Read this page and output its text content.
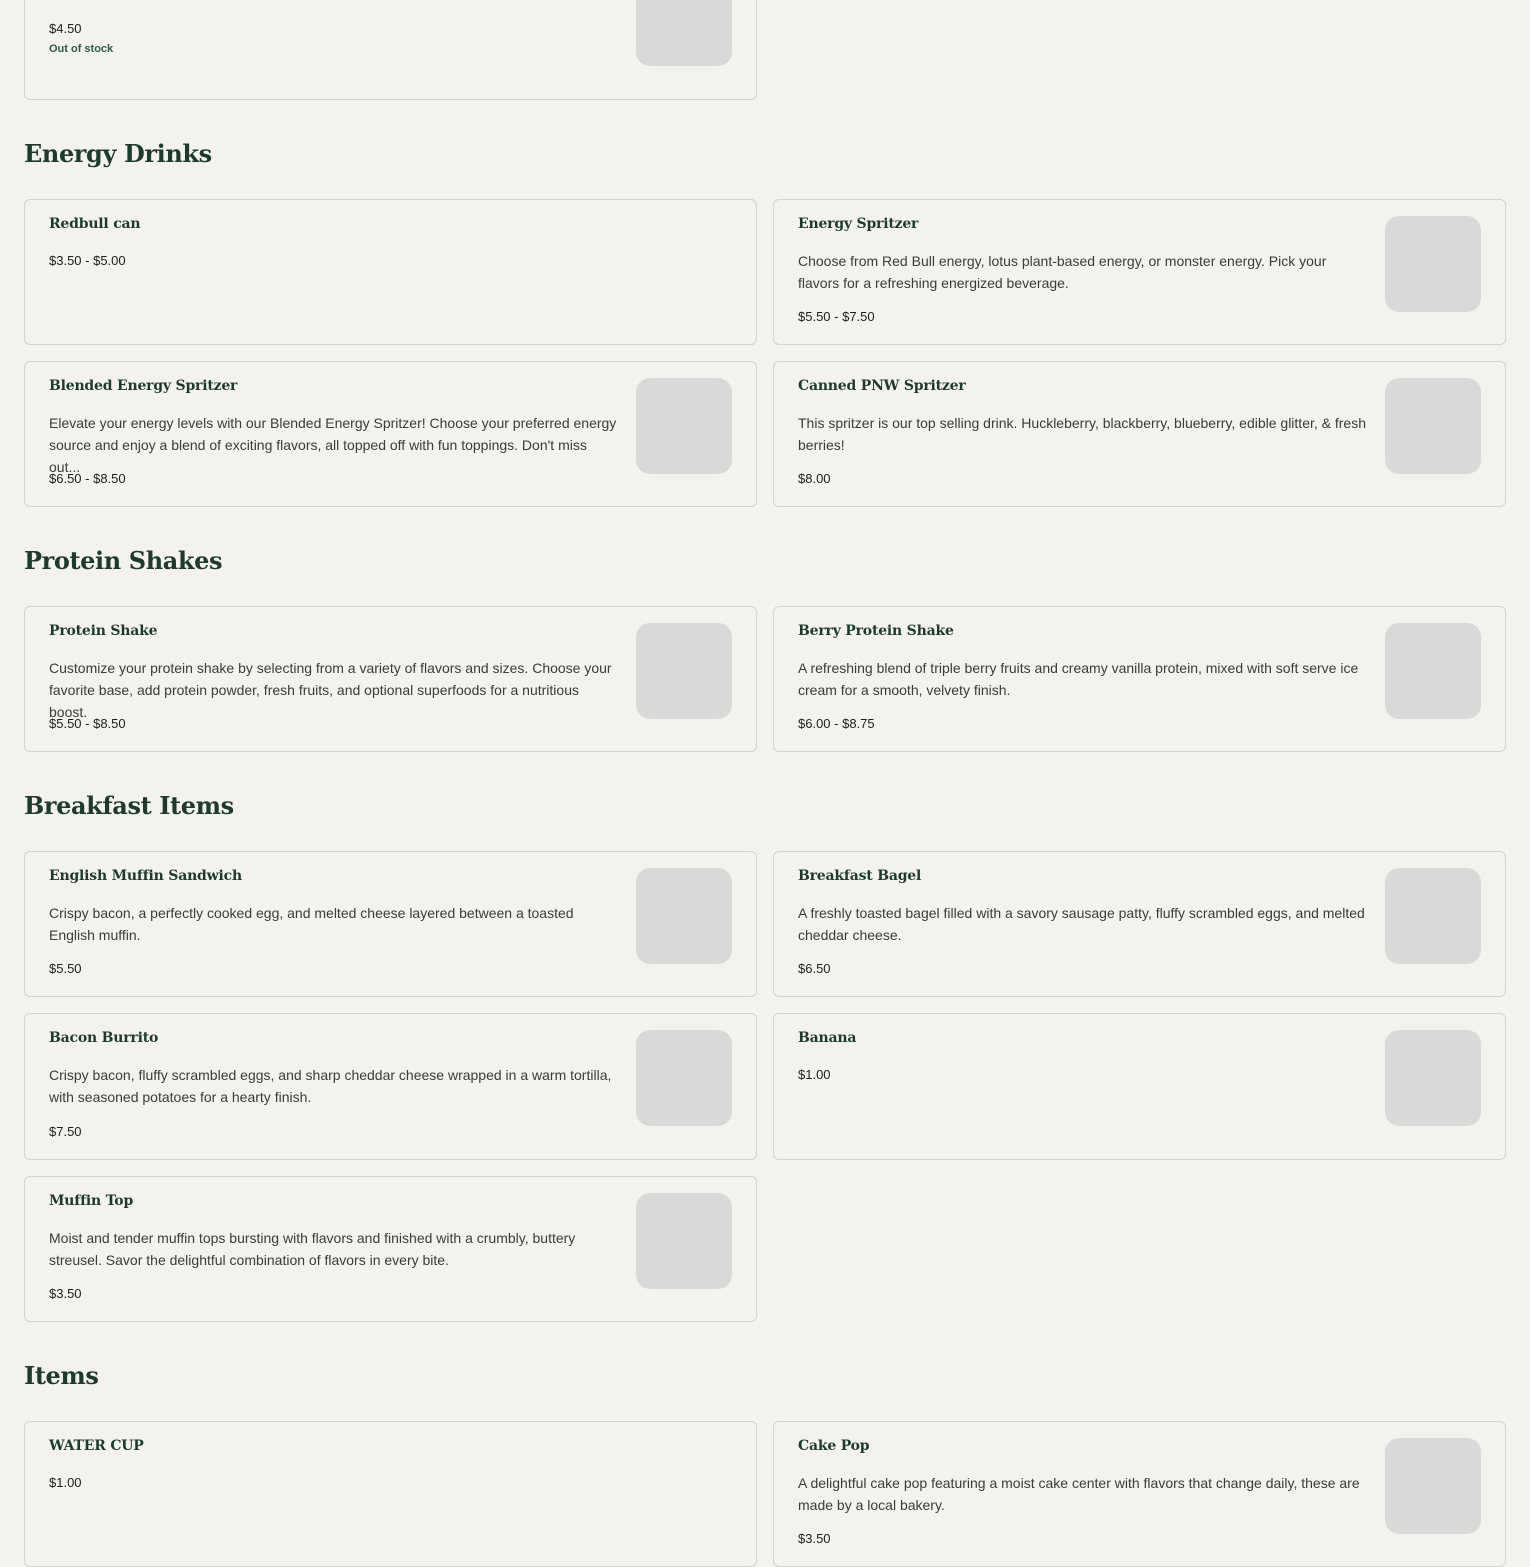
$4.50
Out of stock
Energy Drinks
Redbull can
$3.50 - $5.00
Energy Spritzer
Choose from Red Bull energy, lotus plant-based energy, or monster energy. Pick your flavors for a refreshing energized beverage.
$5.50 - $7.50
Blended Energy Spritzer
Elevate your energy levels with our Blended Energy Spritzer! Choose your preferred energy source and enjoy a blend of exciting flavors, all topped off with fun toppings. Don't miss out...
$6.50 - $8.50
Canned PNW Spritzer
This spritzer is our top selling drink. Huckleberry, blackberry, blueberry, edible glitter, & fresh berries!
$8.00
Protein Shakes
Protein Shake
Customize your protein shake by selecting from a variety of flavors and sizes. Choose your favorite base, add protein powder, fresh fruits, and optional superfoods for a nutritious boost.
$5.50 - $8.50
Berry Protein Shake
A refreshing blend of triple berry fruits and creamy vanilla protein, mixed with soft serve ice cream for a smooth, velvety finish.
$6.00 - $8.75
Breakfast Items
English Muffin Sandwich
Crispy bacon, a perfectly cooked egg, and melted cheese layered between a toasted English muffin.
$5.50
Breakfast Bagel
A freshly toasted bagel filled with a savory sausage patty, fluffy scrambled eggs, and melted cheddar cheese.
$6.50
Bacon Burrito
Crispy bacon, fluffy scrambled eggs, and sharp cheddar cheese wrapped in a warm tortilla, with seasoned potatoes for a hearty finish.
$7.50
Banana
$1.00
Muffin Top
Moist and tender muffin tops bursting with flavors and finished with a crumbly, buttery streusel. Savor the delightful combination of flavors in every bite.
$3.50
Items
WATER CUP
$1.00
Cake Pop
A delightful cake pop featuring a moist cake center with flavors that change daily, these are made by a local bakery.
$3.50
